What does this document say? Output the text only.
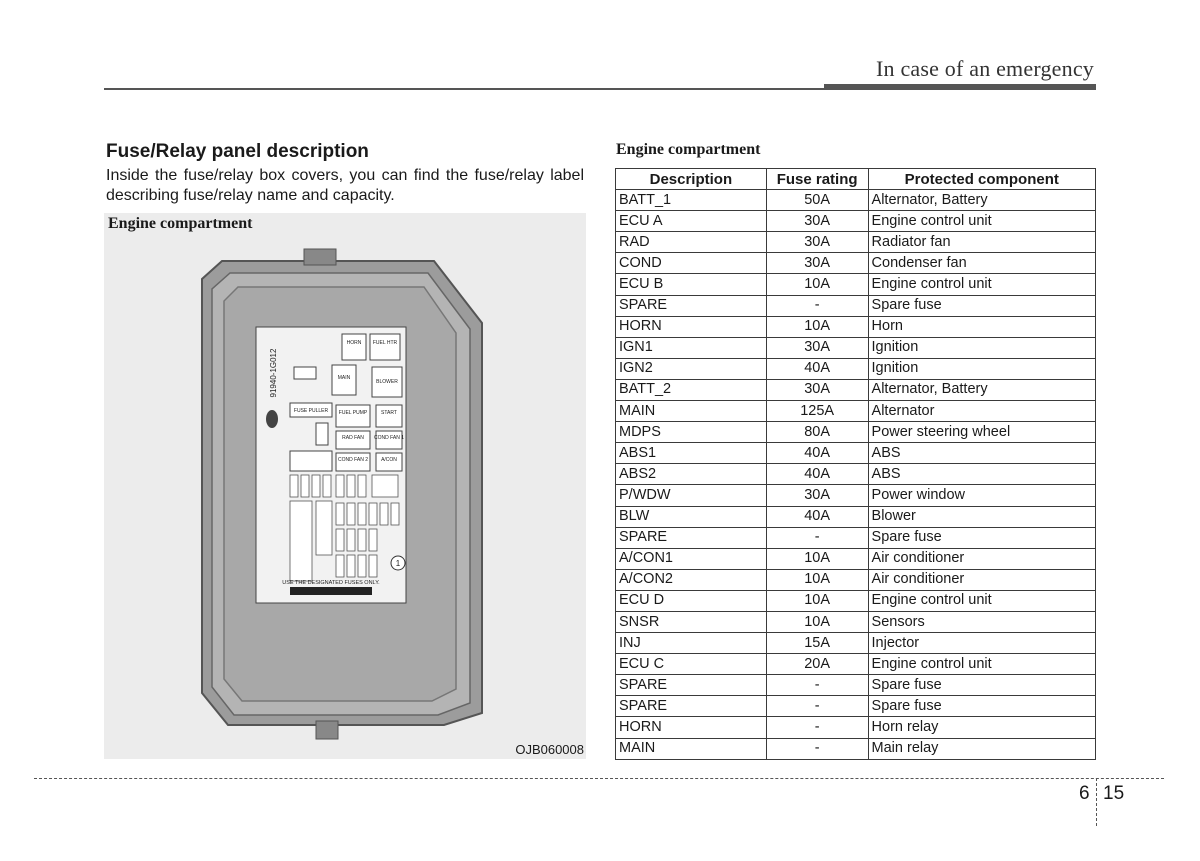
In case of an emergency
Fuse/Relay panel description
Inside the fuse/relay box covers, you can find the fuse/relay label describing fuse/relay name and capacity.
91940-1G012
HORN FUEL HTR
MAIN
BLOWER
FUSE PULLER FUEL PUMP	START
RAD FAN COND FAN 1
COND FAN 2	A/CON
1
USE THE DESIGNATED FUSES ONLY.
Engine compartment
OJB060008
Engine compartment
Description	Fuse rating	Protected component
BATT_1	50A	Alternator, Battery
ECU A	30A	Engine control unit
RAD	30A	Radiator fan
COND	30A	Condenser fan
ECU B	10A	Engine control unit
SPARE	-	Spare fuse
HORN	10A	Horn
IGN1	30A	Ignition
IGN2	40A	Ignition
BATT_2	30A	Alternator, Battery
MAIN	125A	Alternator
MDPS	80A	Power steering wheel
ABS1	40A	ABS
ABS2	40A	ABS
P/WDW	30A	Power window
BLW	40A	Blower
SPARE	-	Spare fuse
A/CON1	10A	Air conditioner
A/CON2	10A	Air conditioner
ECU D	10A	Engine control unit
SNSR	10A	Sensors
INJ	15A	Injector
ECU C	20A	Engine control unit
SPARE	-	Spare fuse
SPARE	-	Spare fuse
HORN	-	Horn relay
MAIN	-	Main relay
6 15
